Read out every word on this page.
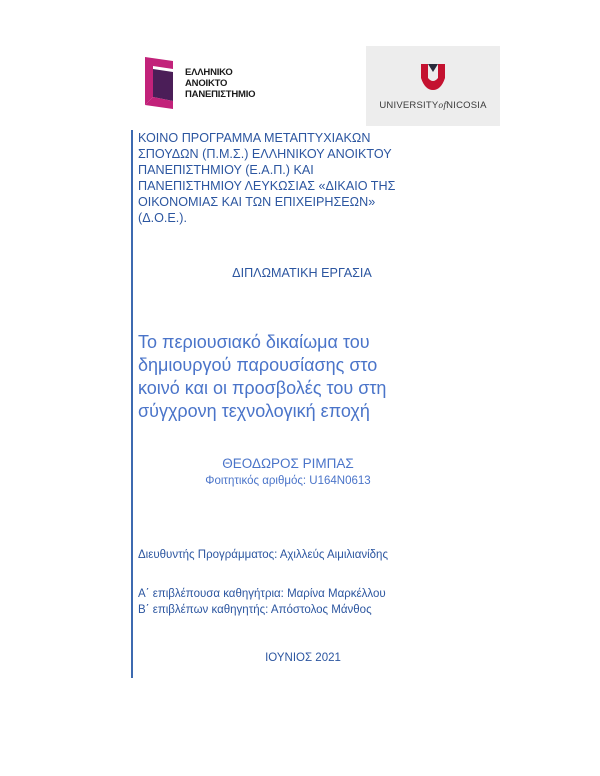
ΕΛΛΗΝΙΚΟ
ΑΝΟΙΚΤΟ
ΠΑΝΕΠΙΣΤΗΜΙΟ
UNIVERSITYofNICOSIA
ΚΟΙΝΟ ΠΡΟΓΡΑΜΜΑ ΜΕΤΑΠΤΥΧΙΑΚΩΝ
ΣΠΟΥΔΩΝ (Π.Μ.Σ.) ΕΛΛΗΝΙΚΟΥ ΑΝΟΙΚΤΟΥ
ΠΑΝΕΠΙΣΤΗΜΙΟΥ (Ε.Α.Π.) ΚΑΙ
ΠΑΝΕΠΙΣΤΗΜΙΟΥ ΛΕΥΚΩΣΙΑΣ «ΔΙΚΑΙΟ ΤΗΣ
ΟΙΚΟΝΟΜΙΑΣ ΚΑΙ ΤΩΝ ΕΠΙΧΕΙΡΗΣΕΩΝ»
(Δ.Ο.Ε.).
ΔΙΠΛΩΜΑΤΙΚΗ ΕΡΓΑΣΙΑ
Το περιουσιακό δικαίωμα του
δημιουργού παρουσίασης στο
κοινό και οι προσβολές του στη
σύγχρονη τεχνολογική εποχή
ΘΕΟΔΩΡΟΣ ΡΙΜΠΑΣ
Φοιτητικός αριθμός: U164N0613
Διευθυντής Προγράμματος: Αχιλλεύς Αιμιλιανίδης
Α΄ επιβλέπουσα καθηγήτρια: Μαρίνα Μαρκέλλου
Β΄ επιβλέπων καθηγητής: Απόστολος Μάνθος
ΙΟΥΝΙΟΣ 2021
